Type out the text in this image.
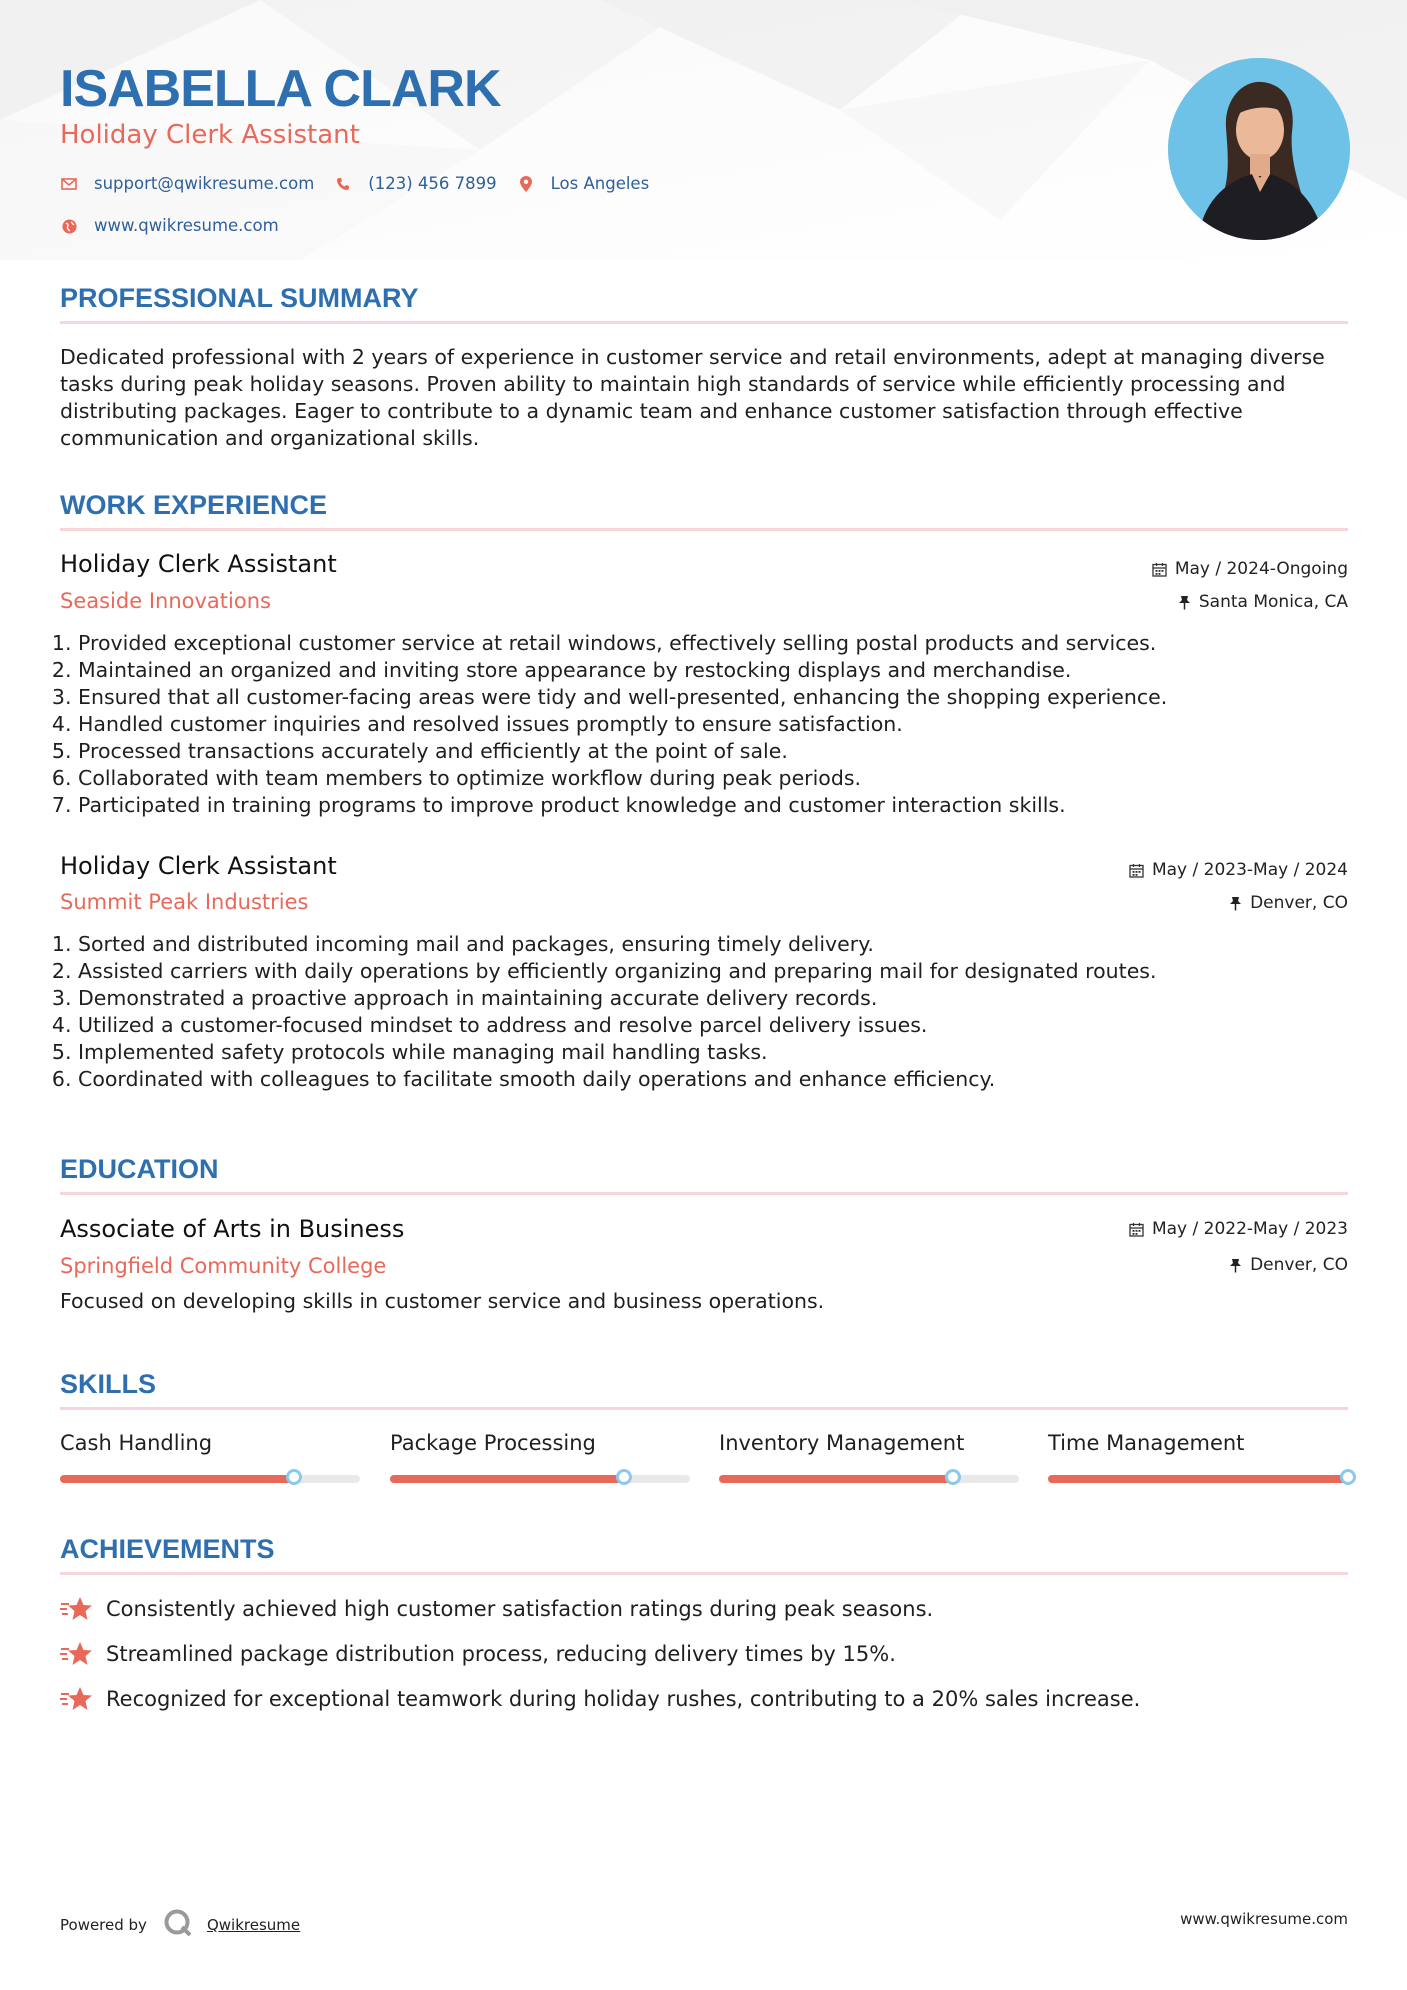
ISABELLA CLARK
Holiday Clerk Assistant
support@qwikresume.com	(123) 456 7899	Los Angeles
www.qwikresume.com
PROFESSIONAL SUMMARY
Dedicated professional with 2 years of experience in customer service and retail environments, adept at managing diverse tasks during peak holiday seasons. Proven ability to maintain high standards of service while efficiently processing and distributing packages. Eager to contribute to a dynamic team and enhance customer satisfaction through effective communication and organizational skills.
WORK EXPERIENCE
Holiday Clerk Assistant	May / 2024-Ongoing
Seaside Innovations	Santa Monica, CA
1. Provided exceptional customer service at retail windows, effectively selling postal products and services.
2. Maintained an organized and inviting store appearance by restocking displays and merchandise.
3. Ensured that all customer-facing areas were tidy and well-presented, enhancing the shopping experience.
4. Handled customer inquiries and resolved issues promptly to ensure satisfaction.
5. Processed transactions accurately and efficiently at the point of sale.
6. Collaborated with team members to optimize workflow during peak periods.
7. Participated in training programs to improve product knowledge and customer interaction skills.
Holiday Clerk Assistant	May / 2023-May / 2024
Summit Peak Industries	Denver, CO
1. Sorted and distributed incoming mail and packages, ensuring timely delivery.
2. Assisted carriers with daily operations by efficiently organizing and preparing mail for designated routes.
3. Demonstrated a proactive approach in maintaining accurate delivery records.
4. Utilized a customer-focused mindset to address and resolve parcel delivery issues.
5. Implemented safety protocols while managing mail handling tasks.
6. Coordinated with colleagues to facilitate smooth daily operations and enhance efficiency.
EDUCATION
Associate of Arts in Business	May / 2022-May / 2023
Springfield Community College	Denver, CO
Focused on developing skills in customer service and business operations.
SKILLS
Cash Handling	Package Processing	Inventory Management	Time Management
ACHIEVEMENTS
Consistently achieved high customer satisfaction ratings during peak seasons.
Streamlined package distribution process, reducing delivery times by 15%.
Recognized for exceptional teamwork during holiday rushes, contributing to a 20% sales increase.
Powered by	Qwikresume	www.qwikresume.com
